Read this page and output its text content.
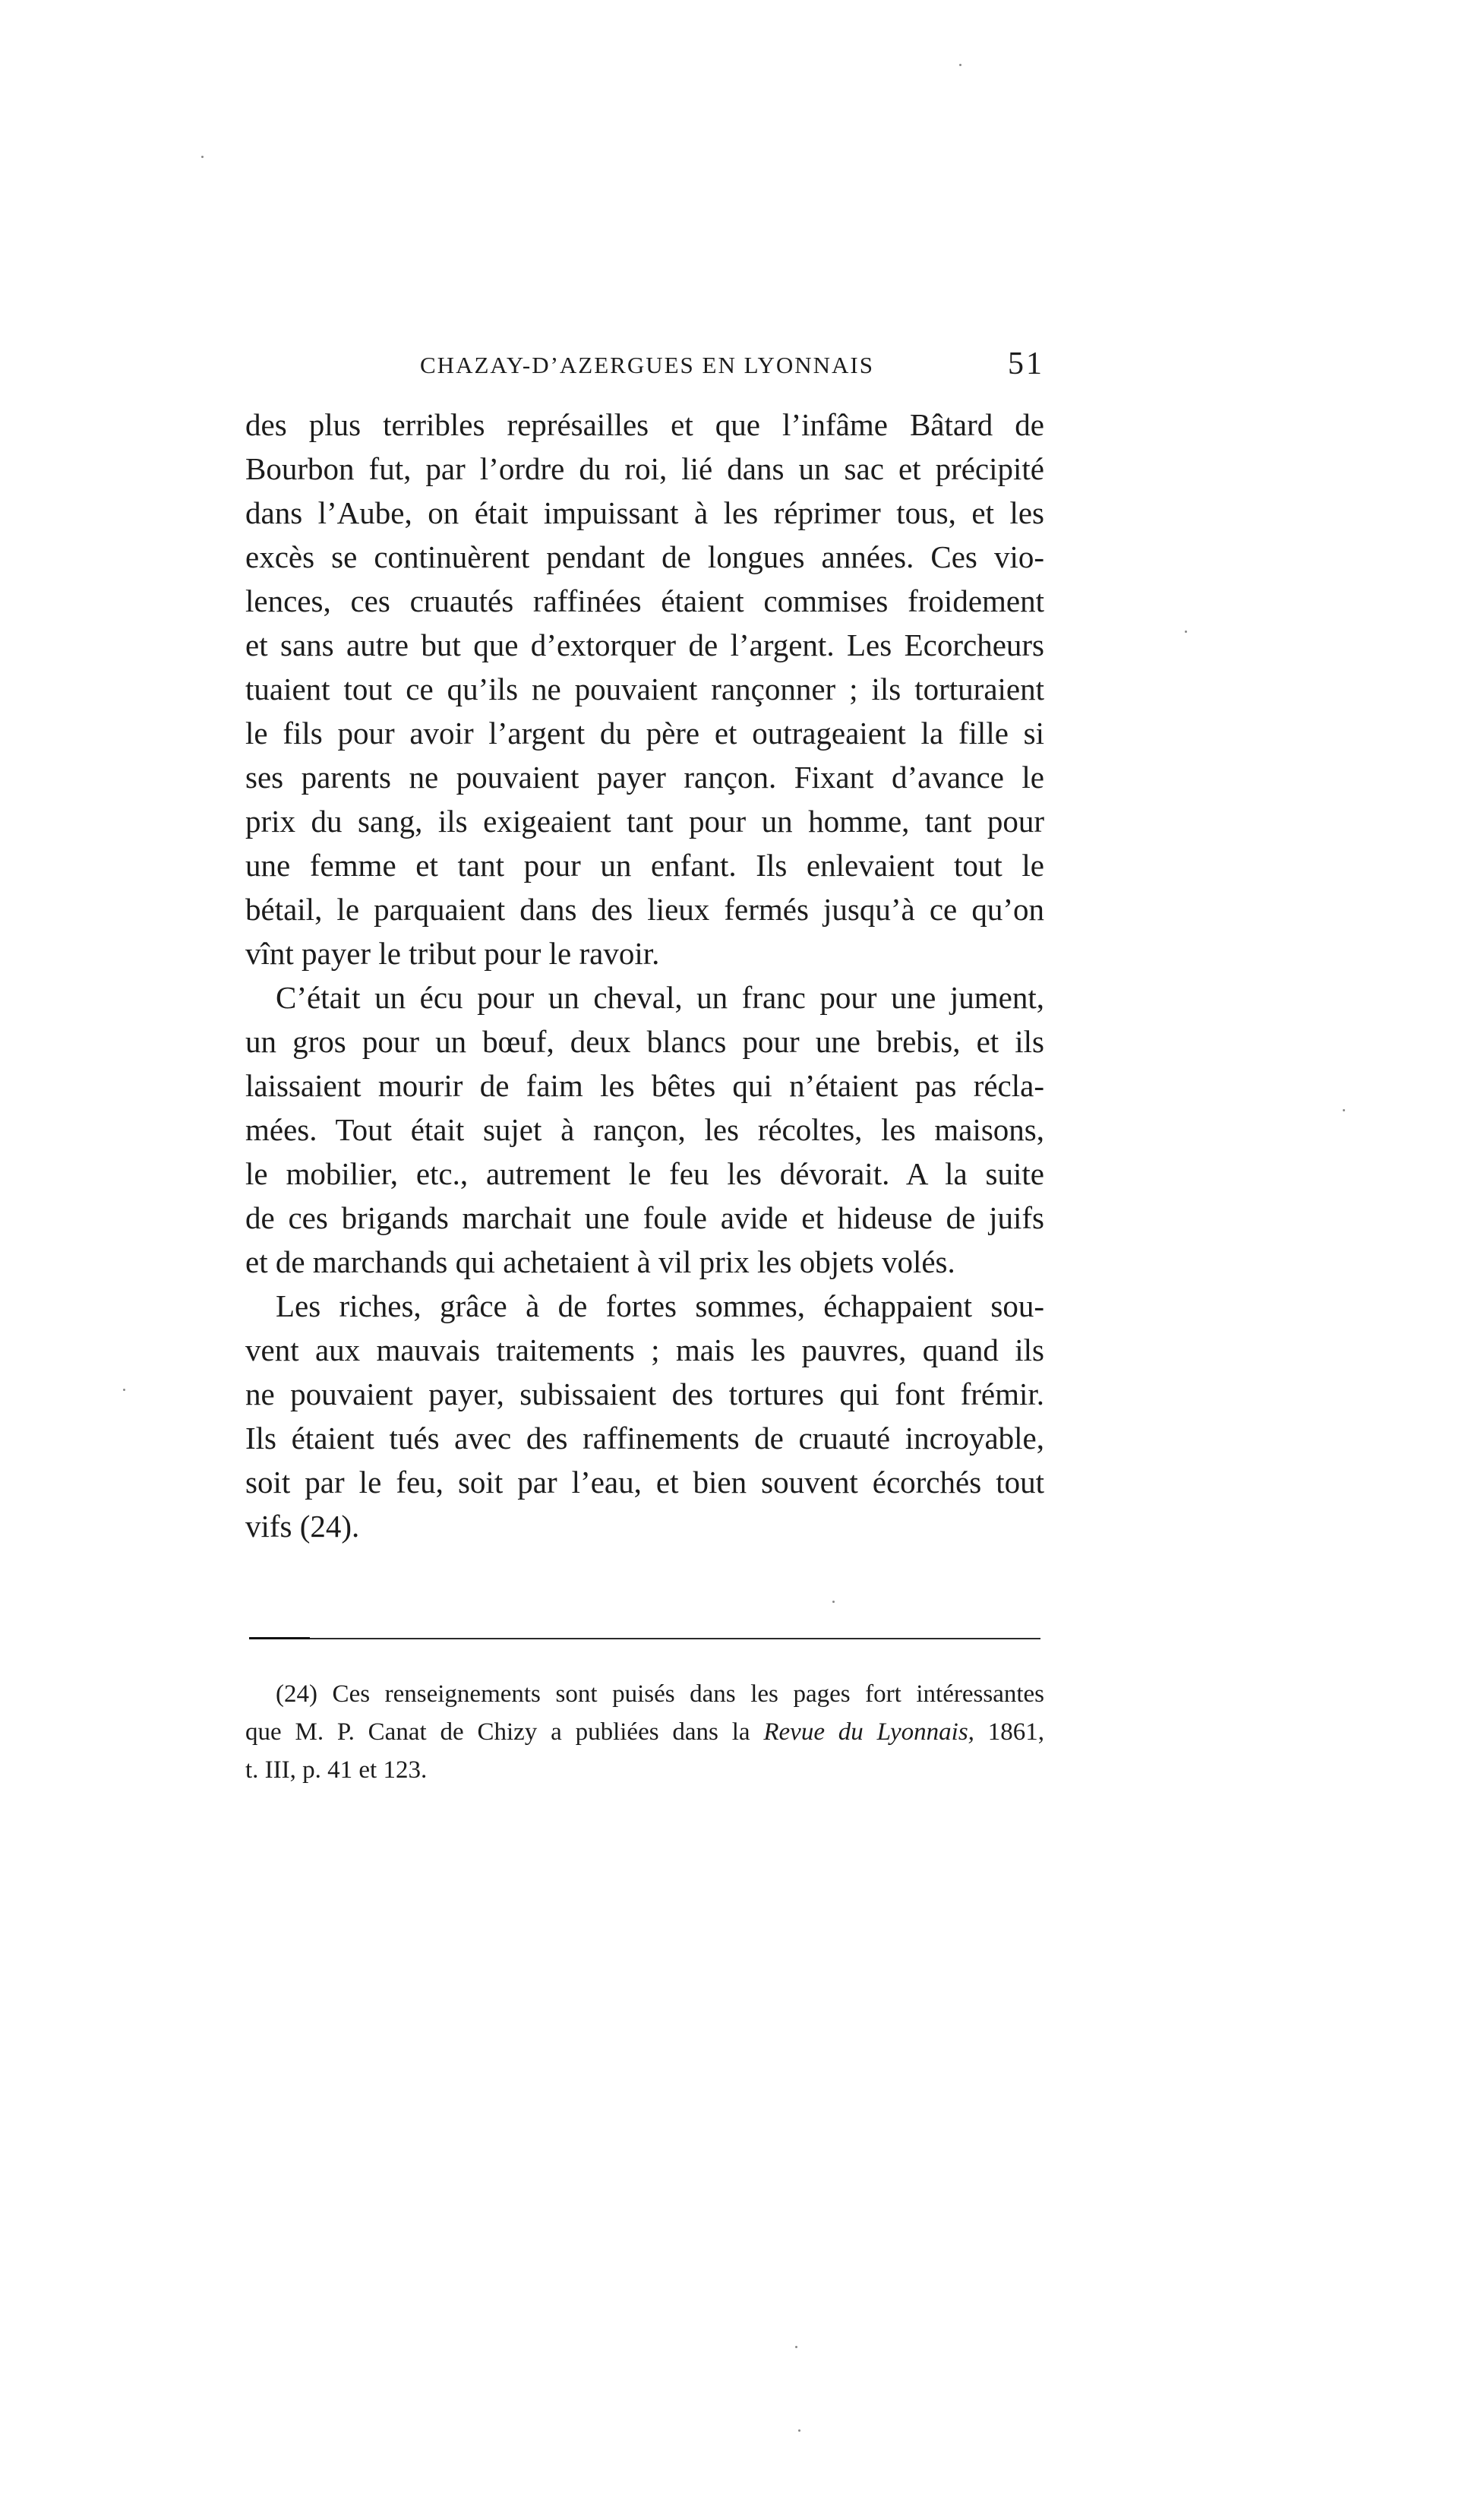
CHAZAY-D’AZERGUES EN LYONNAIS	51
des plus terribles représailles et que l’infâme Bâtard de
Bourbon fut, par l’ordre du roi, lié dans un sac et précipité
dans l’Aube, on était impuissant à les réprimer tous, et les
excès se continuèrent pendant de longues années. Ces vio-
lences, ces cruautés raffinées étaient commises froidement
et sans autre but que d’extorquer de l’argent. Les Ecorcheurs
tuaient tout ce qu’ils ne pouvaient rançonner ; ils torturaient
le fils pour avoir l’argent du père et outrageaient la fille si
ses parents ne pouvaient payer rançon. Fixant d’avance le
prix du sang, ils exigeaient tant pour un homme, tant pour
une femme et tant pour un enfant. Ils enlevaient tout le
bétail, le parquaient dans des lieux fermés jusqu’à ce qu’on
vînt payer le tribut pour le ravoir.
C’était un écu pour un cheval, un franc pour une jument,
un gros pour un bœuf, deux blancs pour une brebis, et ils
laissaient mourir de faim les bêtes qui n’étaient pas récla-
mées. Tout était sujet à rançon, les récoltes, les maisons,
le mobilier, etc., autrement le feu les dévorait. A la suite
de ces brigands marchait une foule avide et hideuse de juifs
et de marchands qui achetaient à vil prix les objets volés.
Les riches, grâce à de fortes sommes, échappaient sou-
vent aux mauvais traitements ; mais les pauvres, quand ils
ne pouvaient payer, subissaient des tortures qui font frémir.
Ils étaient tués avec des raffinements de cruauté incroyable,
soit par le feu, soit par l’eau, et bien souvent écorchés tout
vifs (24).
(24) Ces renseignements sont puisés dans les pages fort intéressantes
que M. P. Canat de Chizy a publiées dans la Revue du Lyonnais, 1861,
t. III, p. 41 et 123.
